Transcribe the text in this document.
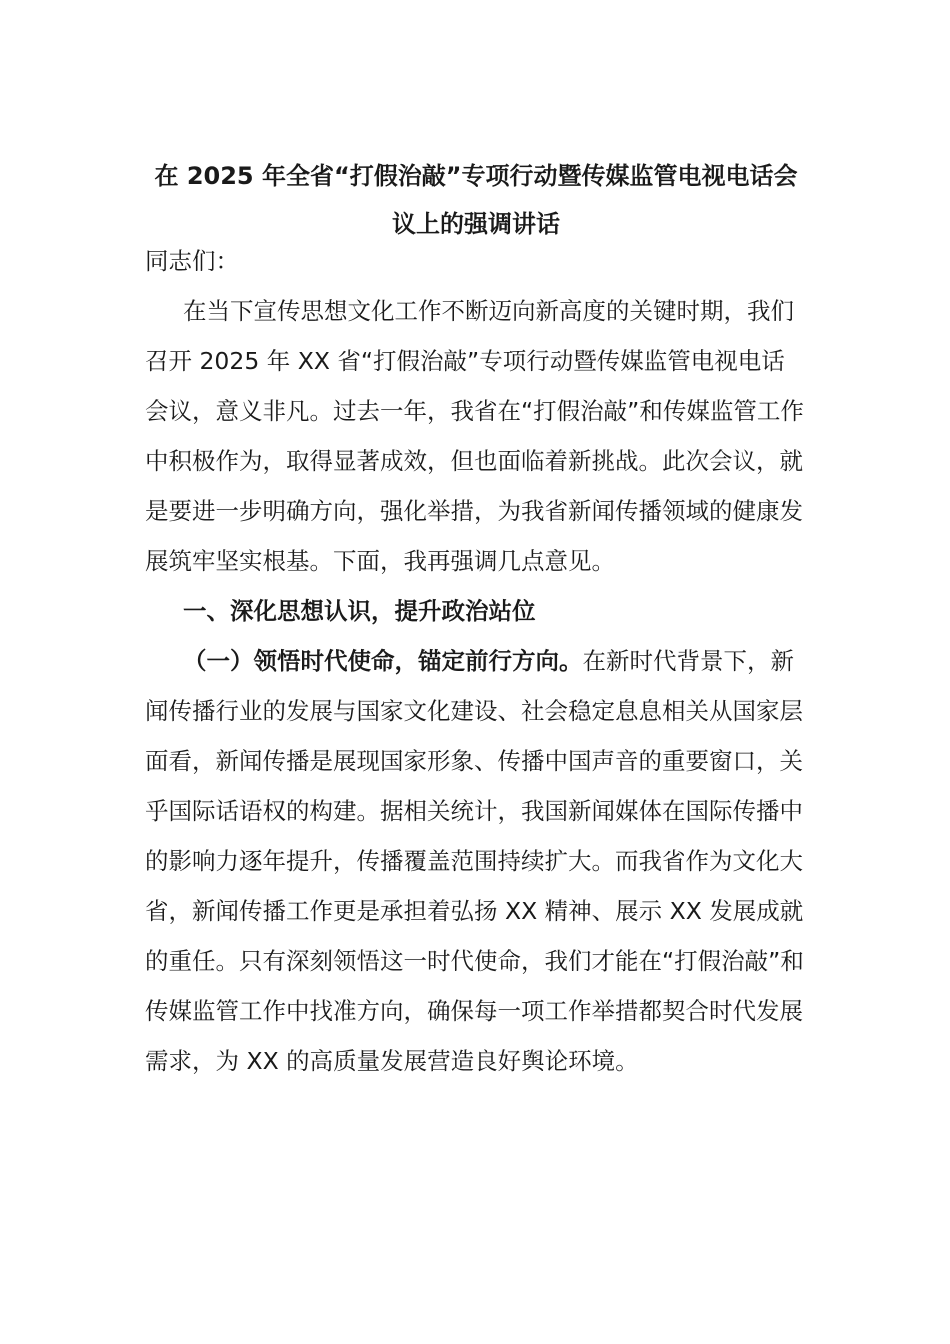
在 2025 年全省“打假治敲”专项行动暨传媒监管电视电话会
议上的强调讲话

同志们：

在当下宣传思想文化工作不断迈向新高度的关键时期，我们召开 2025 年 XX 省“打假治敲”专项行动暨传媒监管电视电话会议，意义非凡。过去一年，我省在“打假治敲”和传媒监管工作中积极作为，取得显著成效，但也面临着新挑战。此次会议，就是要进一步明确方向，强化举措，为我省新闻传播领域的健康发展筑牢坚实根基。下面，我再强调几点意见。

一、深化思想认识，提升政治站位

（一）领悟时代使命，锚定前行方向。在新时代背景下，新闻传播行业的发展与国家文化建设、社会稳定息息相关从国家层面看，新闻传播是展现国家形象、传播中国声音的重要窗口，关乎国际话语权的构建。据相关统计，我国新闻媒体在国际传播中的影响力逐年提升，传播覆盖范围持续扩大。而我省作为文化大省，新闻传播工作更是承担着弘扬 XX 精神、展示 XX 发展成就的重任。只有深刻领悟这一时代使命，我们才能在“打假治敲”和传媒监管工作中找准方向，确保每一项工作举措都契合时代发展需求，为 XX 的高质量发展营造良好舆论环境。
